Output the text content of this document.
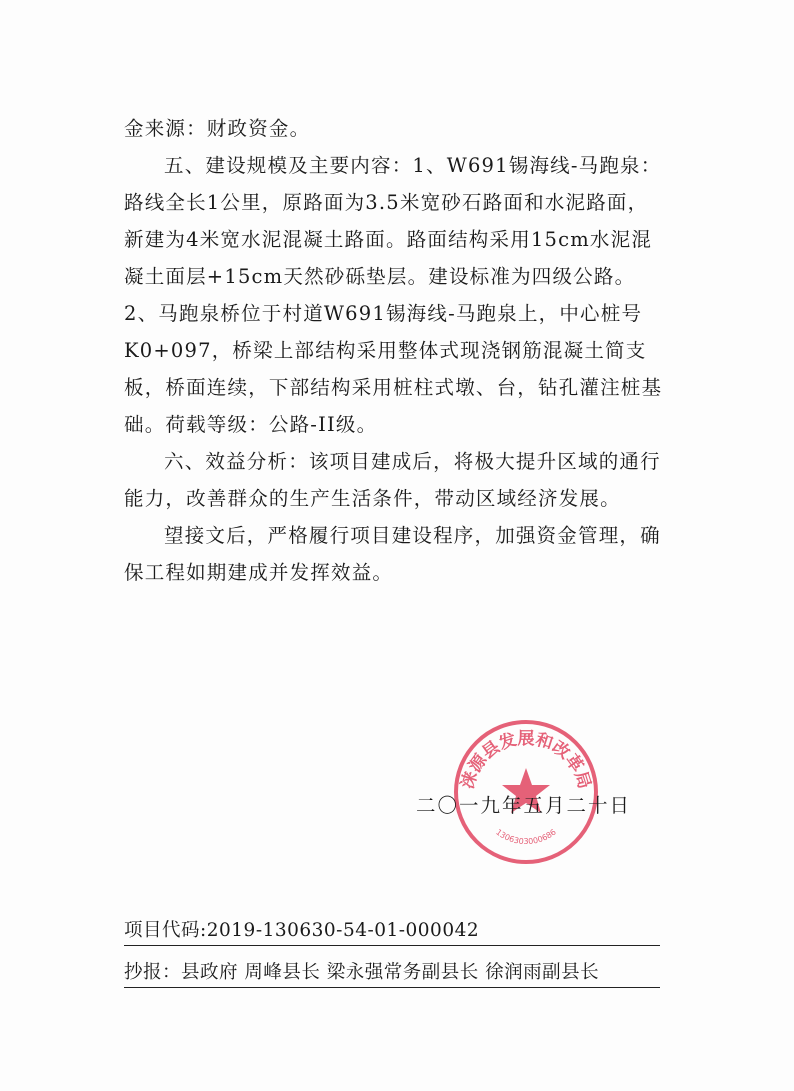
金来源：财政资金。

五、建设规模及主要内容：1、W691锡海线-马跑泉：路线全长1公里，原路面为3.5米宽砂石路面和水泥路面，新建为4米宽水泥混凝土路面。路面结构采用15cm水泥混凝土面层+15cm天然砂砾垫层。建设标准为四级公路。2、马跑泉桥位于村道W691锡海线-马跑泉上，中心桩号K0+097，桥梁上部结构采用整体式现浇钢筋混凝土简支板，桥面连续，下部结构采用桩柱式墩、台，钻孔灌注桩基础。荷载等级：公路-II级。

六、效益分析：该项目建成后，将极大提升区域的通行能力，改善群众的生产生活条件，带动区域经济发展。

望接文后，严格履行项目建设程序，加强资金管理，确保工程如期建成并发挥效益。

涞源县发展和改革局
1306303000686
二〇一九年五月二十日
项目代码:2019-130630-54-01-000042
抄报：县政府 周峰县长 梁永强常务副县长 徐润雨副县长
